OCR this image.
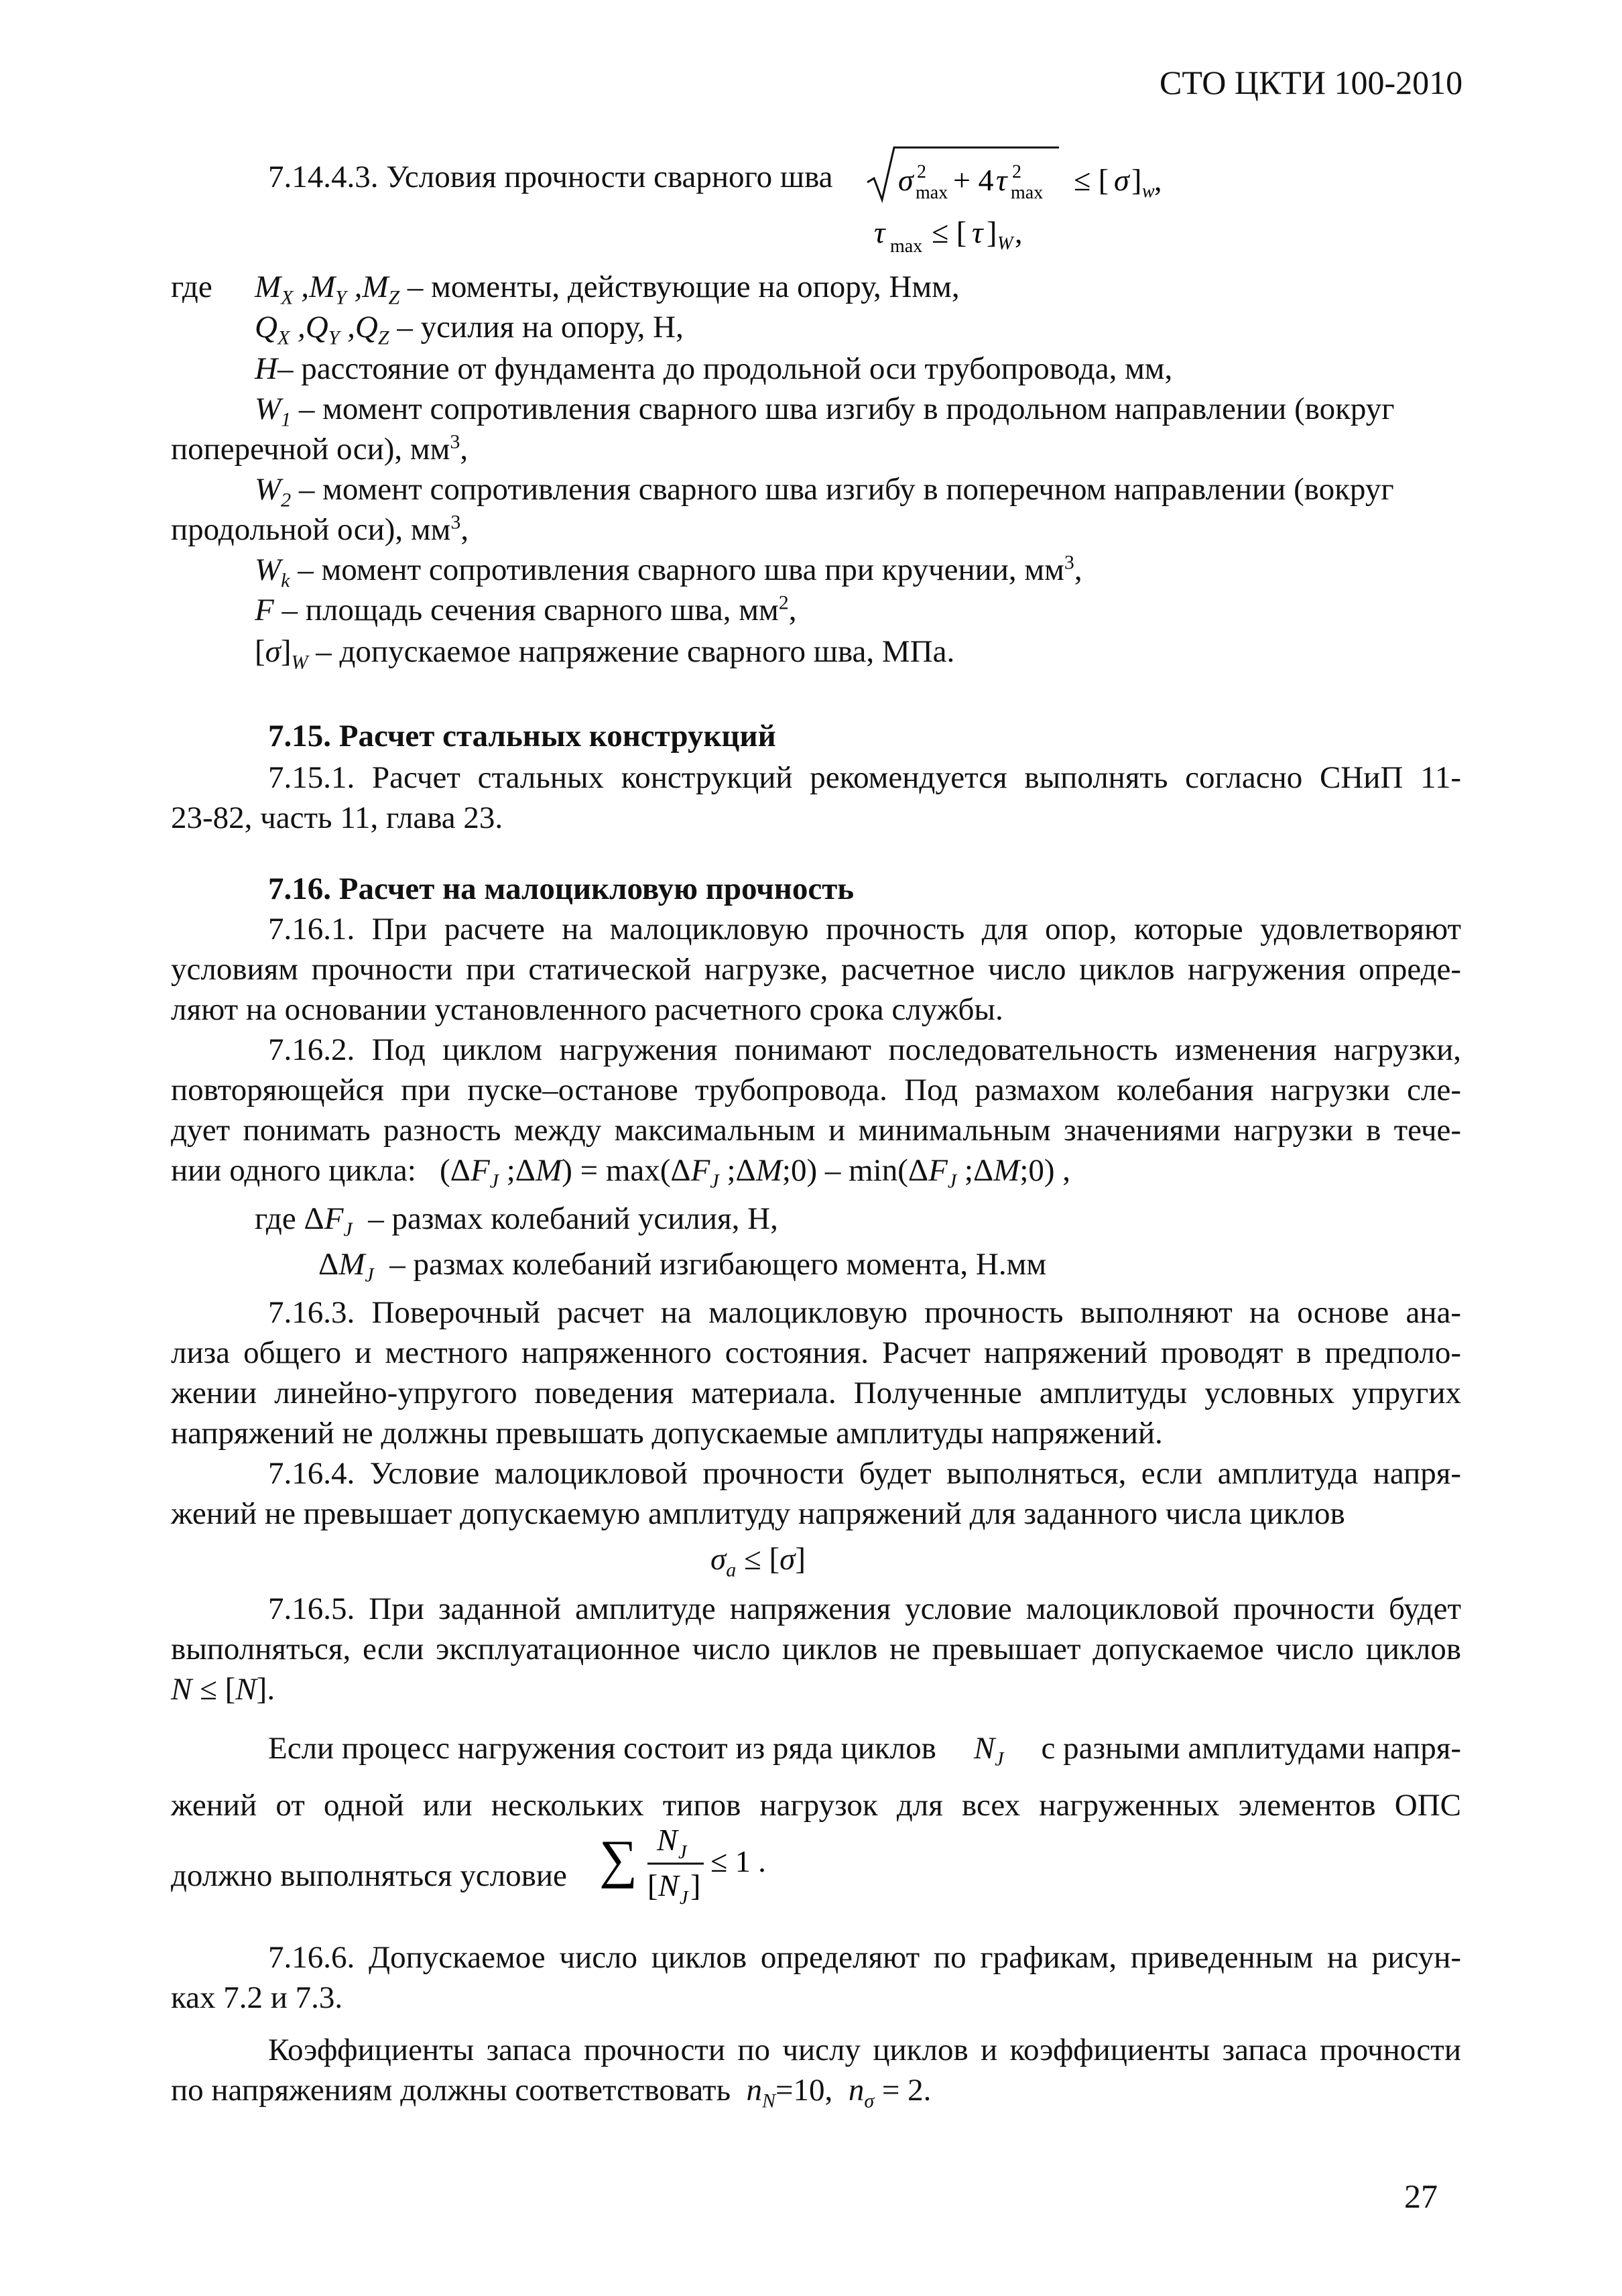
СТО ЦКТИ 100-2010
7.14.4.3. Условия прочности сварного шва σ 2
max + 4 τ 2
max ≤ [ σ ] w ,
τ max ≤ [ τ ] W ,
где $M_X$ $,M_Y$ $,M_Z$ – моменты, действующие на опору, Нмм,
$Q_X$ $,Q_Y$ $,Q_Z$ – усилия на опору, Н,
H– расстояние от фундамента до продольной оси трубопровода, мм,
$W_1$ – момент сопротивления сварного шва изгибу в продольном направлении (вокруг
поперечной оси), $мм^3$,
$W_2$ – момент сопротивления сварного шва изгибу в поперечном направлении (вокруг
продольной оси), $мм^3$,
$W_k$ – момент сопротивления сварного шва при кручении, $мм^3$,
F – площадь сечения сварного шва, $мм^2$,
$[\sigma]_W$ – допускаемое напряжение сварного шва, МПа.
7.15. Расчет стальных конструкций
7.15.1. Расчет стальных конструкций рекомендуется выполнять согласно СНиП 11-
23-82, часть 11, глава 23.
7.16. Расчет на малоцикловую прочность
7.16.1. При расчете на малоцикловую прочность для опор, которые удовлетворяют
условиям прочности при статической нагрузке, расчетное число циклов нагружения опреде-
ляют на основании установленного расчетного срока службы.
7.16.2. Под циклом нагружения понимают последовательность изменения нагрузки,
повторяющейся при пуске–останове трубопровода. Под размахом колебания нагрузки сле-
дует понимать разность между максимальным и минимальным значениями нагрузки в тече-
нии одного цикла:   ($\Delta F_J$ ;ΔM) = $\max(\Delta F_J$ ;ΔM;0) – $\min(\Delta F_J$ ;ΔM;0) ,
где $\Delta F_J$ – размах колебаний усилия, Н,
$\Delta M_J$ – размах колебаний изгибающего момента, Н.мм
7.16.3. Поверочный расчет на малоцикловую прочность выполняют на основе ана-
лиза общего и местного напряженного состояния. Расчет напряжений проводят в предполо-
жении линейно-упругого поведения материала. Полученные амплитуды условных упругих
напряжений не должны превышать допускаемые амплитуды напряжений.
7.16.4. Условие малоцикловой прочности будет выполняться, если амплитуда напря-
жений не превышает допускаемую амплитуду напряжений для заданного числа циклов
$\sigma_a \le [\sigma]$
7.16.5. При заданной амплитуде напряжения условие малоцикловой прочности будет
выполняться, если эксплуатационное число циклов не превышает допускаемое число циклов
N ≤ [N].
Если процесс нагружения состоит из ряда циклов $N_J$ с разными амплитудами напря-
жений от одной или нескольких типов нагрузок для всех нагруженных элементов ОПС
должно выполняться условие ∑ N J
[ N J ]
≤ 1 .
7.16.6. Допускаемое число циклов определяют по графикам, приведенным на рисун-
ках 7.2 и 7.3.
Коэффициенты запаса прочности по числу циклов и коэффициенты запаса прочности
по напряжениям должны соответствовать $n_N=10$, $n_\sigma = 2$.
27
